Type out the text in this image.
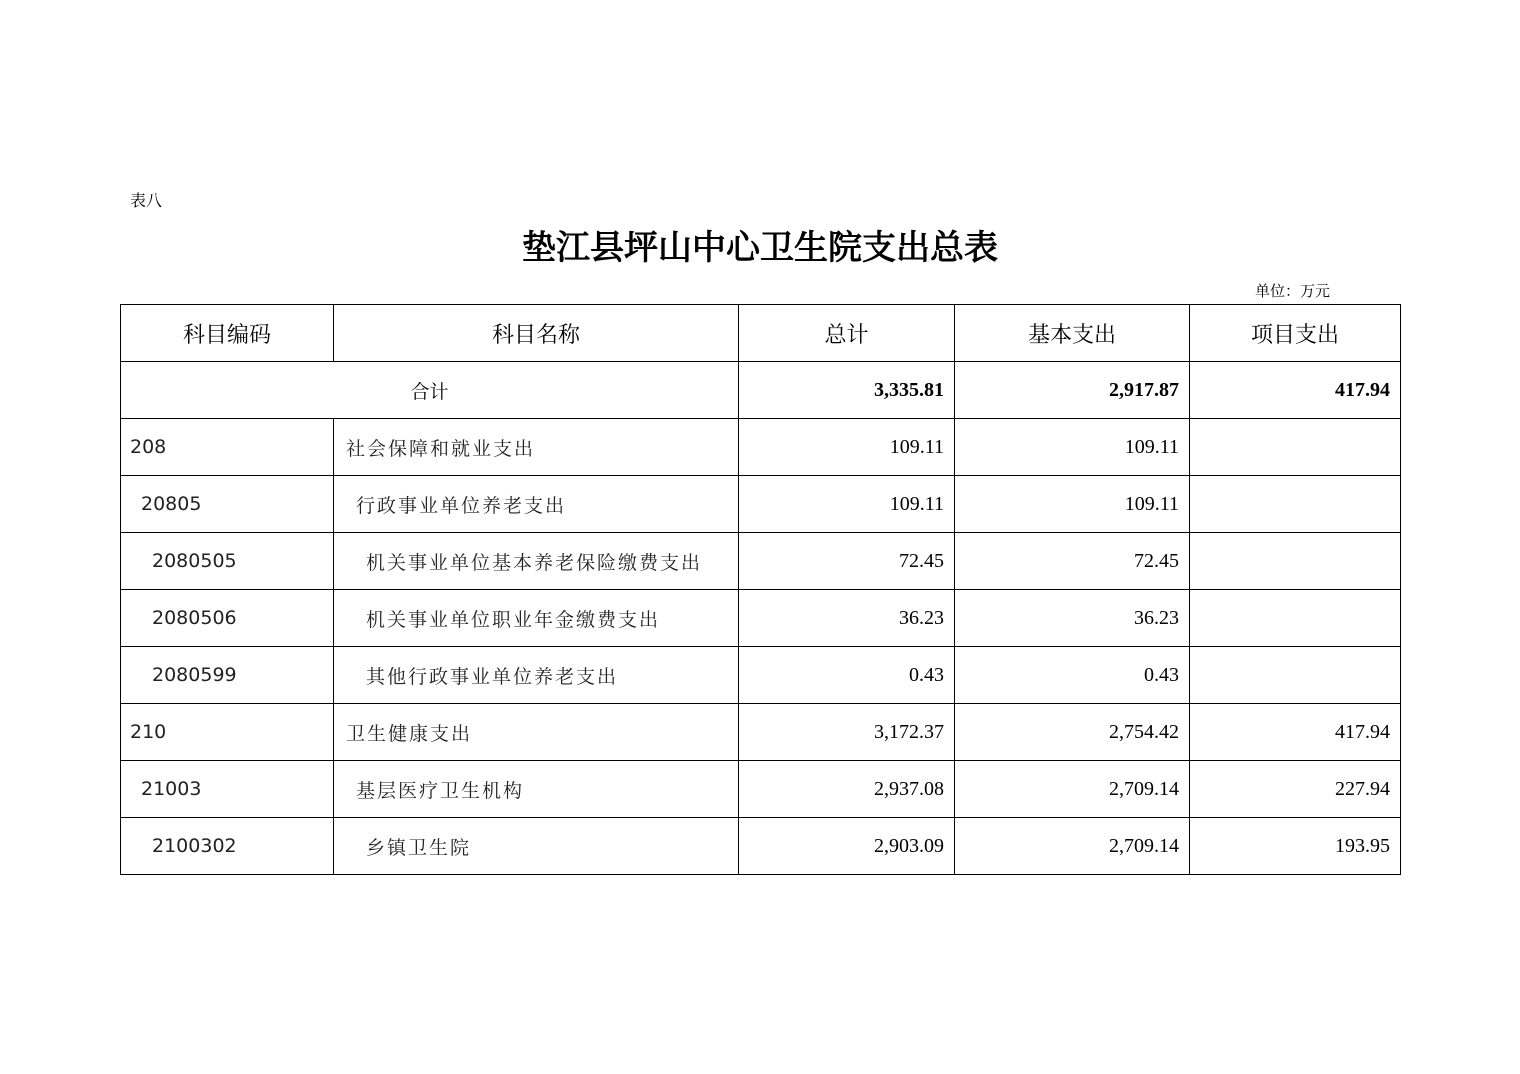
表八
垫江县坪山中心卫生院支出总表
单位：万元
科目编码	科目名称	总计	基本支出	项目支出
合计		3,335.81	2,917.87	417.94
208	社会保障和就业支出	109.11	109.11	
20805	行政事业单位养老支出	109.11	109.11	
2080505	机关事业单位基本养老保险缴费支出	72.45	72.45	
2080506	机关事业单位职业年金缴费支出	36.23	36.23	
2080599	其他行政事业单位养老支出	0.43	0.43	
210	卫生健康支出	3,172.37	2,754.42	417.94
21003	基层医疗卫生机构	2,937.08	2,709.14	227.94
2100302	乡镇卫生院	2,903.09	2,709.14	193.95
